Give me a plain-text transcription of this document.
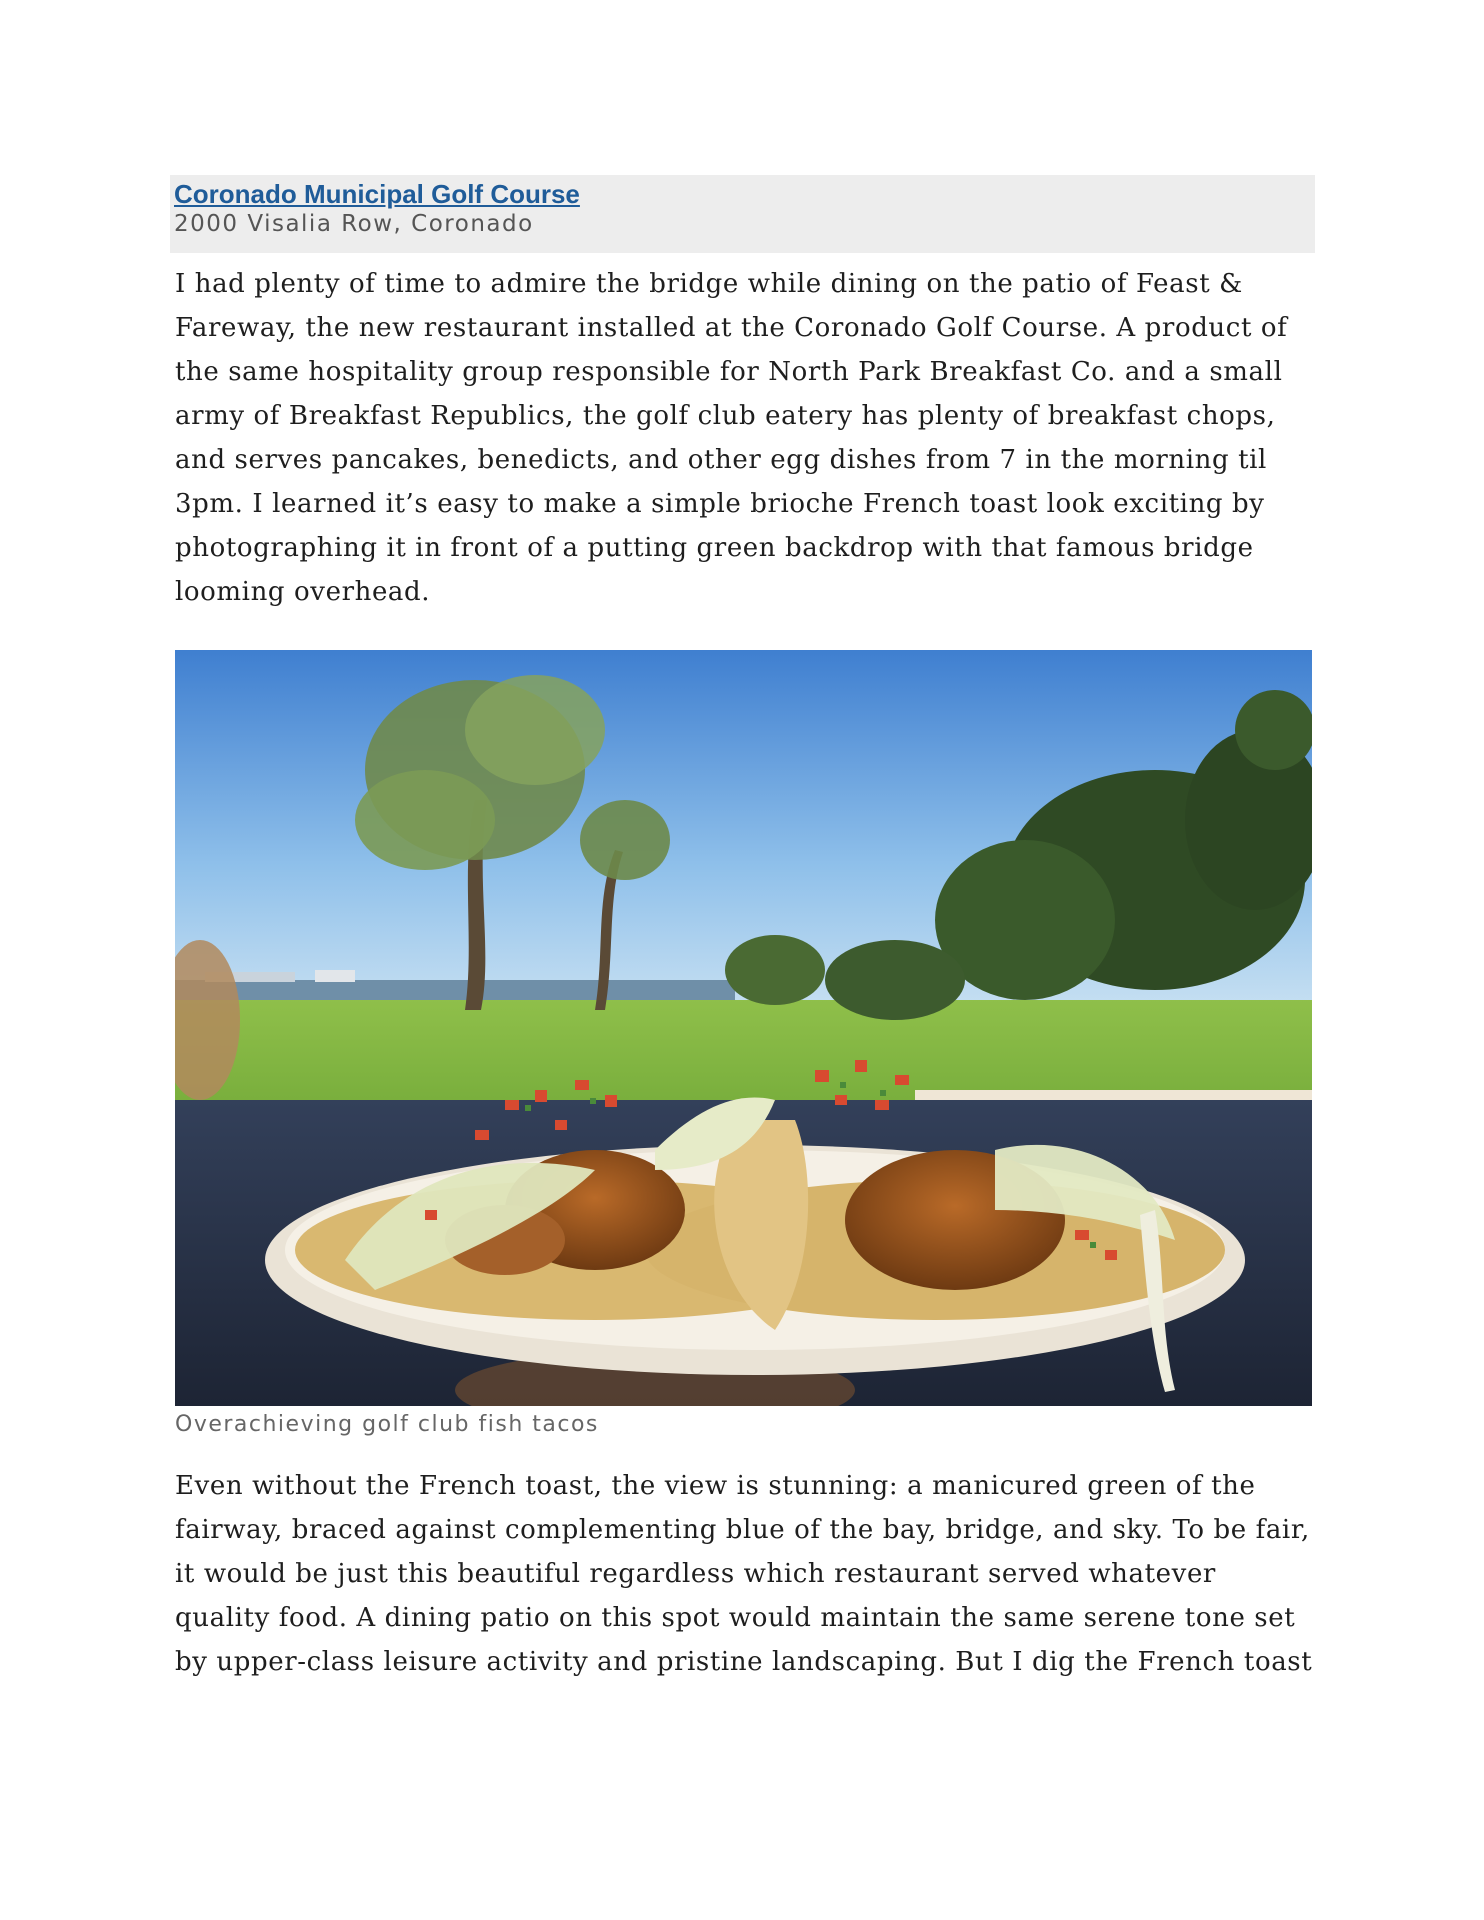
Coronado Municipal Golf Course
2000 Visalia Row, Coronado

I had plenty of time to admire the bridge while dining on the patio of Feast & Fareway, the new restaurant installed at the Coronado Golf Course. A product of the same hospitality group responsible for North Park Breakfast Co. and a small army of Breakfast Republics, the golf club eatery has plenty of breakfast chops, and serves pancakes, benedicts, and other egg dishes from 7 in the morning til 3pm. I learned it’s easy to make a simple brioche French toast look exciting by photographing it in front of a putting green backdrop with that famous bridge looming overhead.

Overachieving golf club fish tacos

Even without the French toast, the view is stunning: a manicured green of the fairway, braced against complementing blue of the bay, bridge, and sky. To be fair, it would be just this beautiful regardless which restaurant served whatever quality food. A dining patio on this spot would maintain the same serene tone set by upper-class leisure activity and pristine landscaping. But I dig the French toast
